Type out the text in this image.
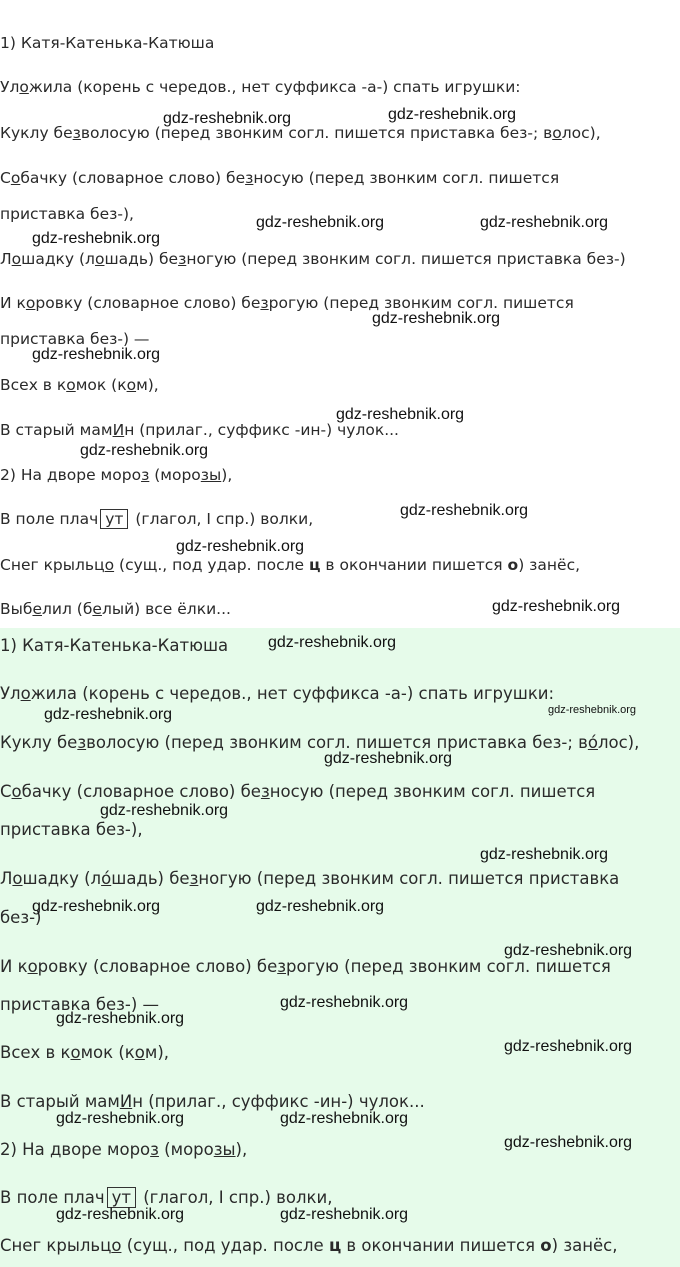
1) Катя-Катенька-Катюша
Уложила (корень с чередов., нет суффикса -а-) спать игрушки:
Куклу безволосую (перед звонким согл. пишется приставка без-; волос),
Собачку (словарное слово) безносую (перед звонким согл. пишется
приставка без-),
Лошадку (лошадь) безногую (перед звонким согл. пишется приставка без-)
И коровку (словарное слово) безрогую (перед звонким согл. пишется
приставка без-) —
Всех в комок (ком),
В старый мамИн (прилаг., суффикс -ин-) чулок...
2) На дворе мороз (морозы),
В поле плач ут (глагол, I спр.) волки,
Снег крыльцо (сущ., под удар. после ц в окончании пишется о) занёс,
Выбелил (белый) все ёлки...
gdz-reshebnik.org	gdz-reshebnik.org
gdz-reshebnik.org	gdz-reshebnik.org
gdz-reshebnik.org
gdz-reshebnik.org
gdz-reshebnik.org
gdz-reshebnik.org
gdz-reshebnik.org
gdz-reshebnik.org
gdz-reshebnik.org
gdz-reshebnik.org
1) Катя-Катенька-Катюша
Уложила (корень с чередов., нет суффикса -а-) спать игрушки:
Куклу безволосую (перед звонким согл. пишется приставка без-; во́лос),
Собачку (словарное слово) безносую (перед звонким согл. пишется
приставка без-),
Лошадку (ло́шадь) безногую (перед звонким согл. пишется приставка
без-)
И коровку (словарное слово) безрогую (перед звонким согл. пишется
приставка без-) —
Всех в комок (ком),
В старый мамИн (прилаг., суффикс -ин-) чулок...
2) На дворе мороз (морозы),
В поле плач ут (глагол, I спр.) волки,
Снег крыльцо (сущ., под удар. после ц в окончании пишется о) занёс,
gdz-reshebnik.org
gdz-reshebnik.org	gdz-reshebnik.org
gdz-reshebnik.org
gdz-reshebnik.org
gdz-reshebnik.org
gdz-reshebnik.org	gdz-reshebnik.org
gdz-reshebnik.org
gdz-reshebnik.org
gdz-reshebnik.org
gdz-reshebnik.org
gdz-reshebnik.org	gdz-reshebnik.org
gdz-reshebnik.org
gdz-reshebnik.org	gdz-reshebnik.org
